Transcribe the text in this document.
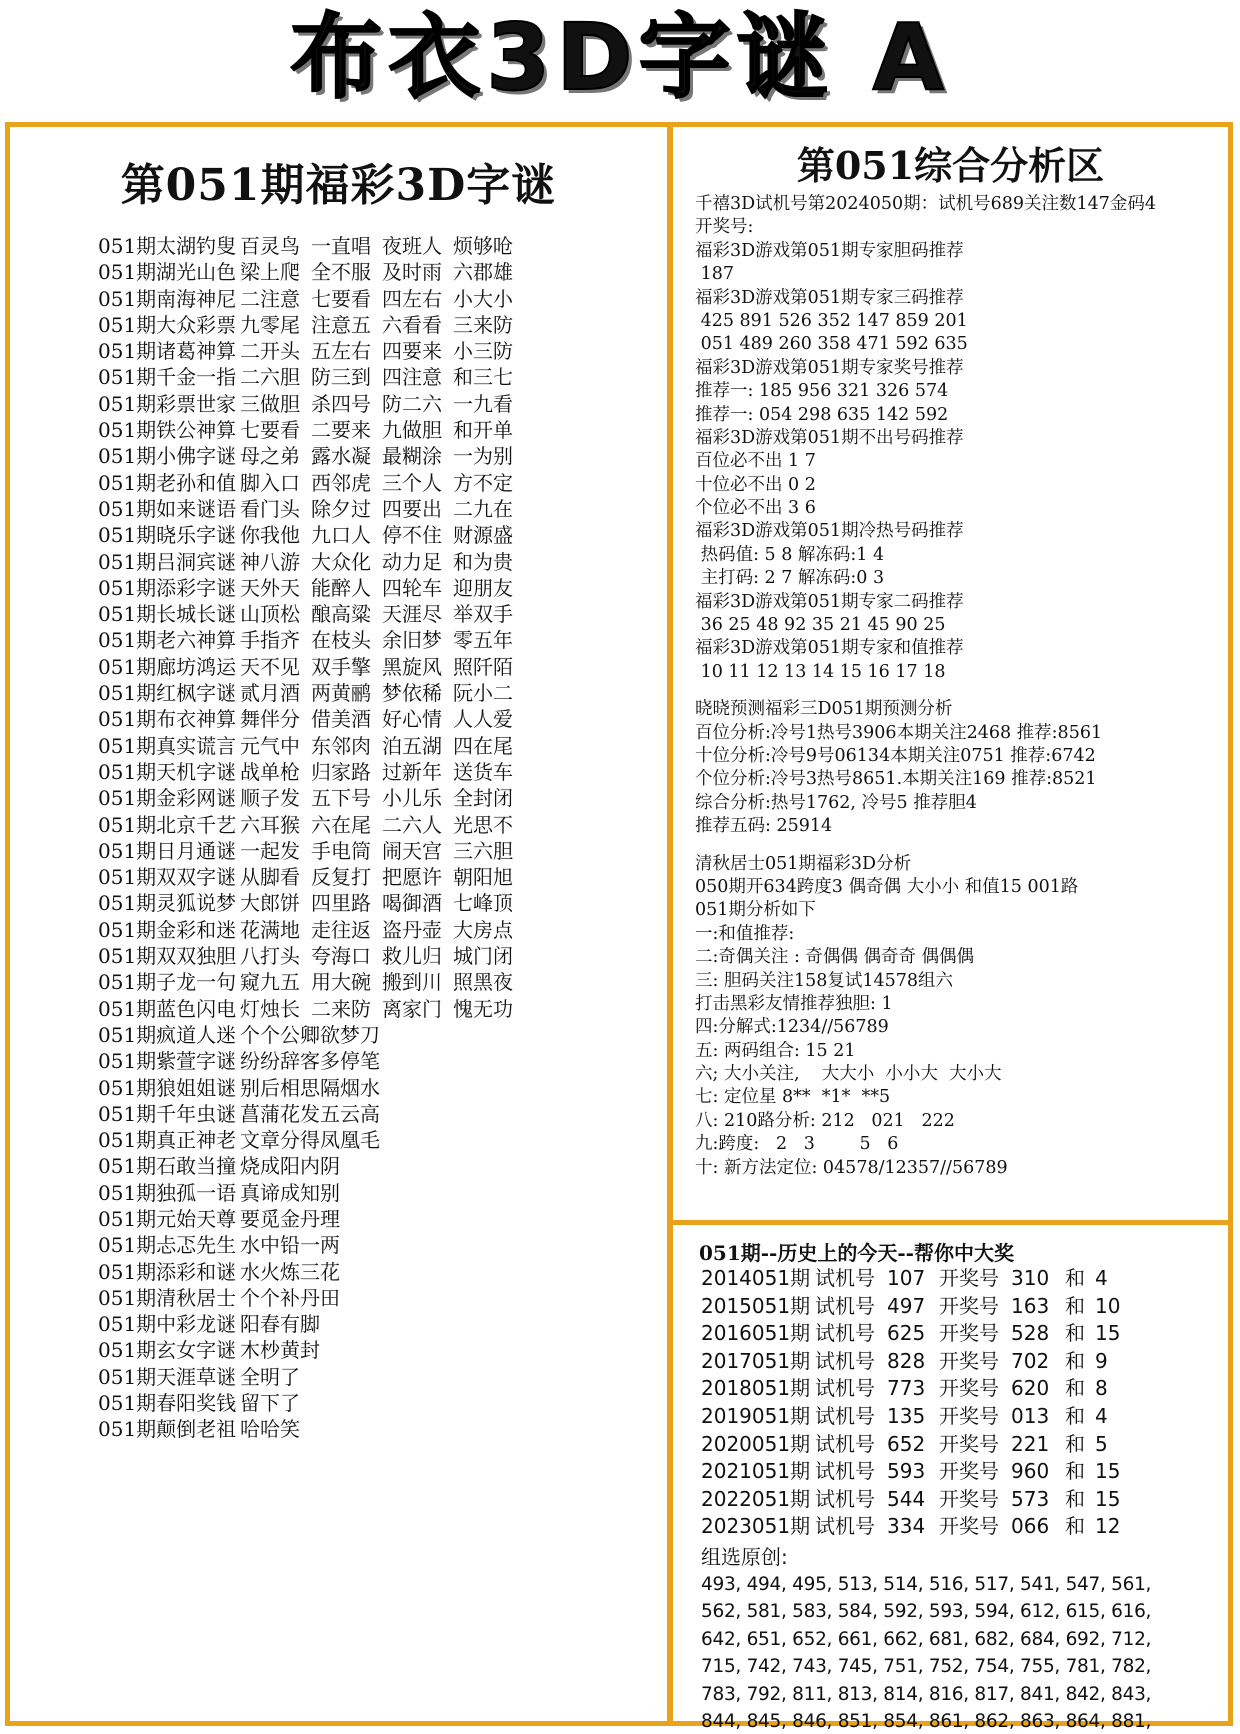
布衣3D字谜 A
第051期福彩3D字谜
051期太湖钓叟 百灵鸟 一直唱 夜班人 烦够呛
051期湖光山色 梁上爬 全不服 及时雨 六郡雄
051期南海神尼 二注意 七要看 四左右 小大小
051期大众彩票 九零尾 注意五 六看看 三来防
051期诸葛神算 二开头 五左右 四要来 小三防
051期千金一指 二六胆 防三到 四注意 和三七
051期彩票世家 三做胆 杀四号 防二六 一九看
051期铁公神算 七要看 二要来 九做胆 和开单
051期小佛字谜 母之弟 露水凝 最糊涂 一为别
051期老孙和值 脚入口 西邻虎 三个人 方不定
051期如来谜语 看门头 除夕过 四要出 二九在
051期晓乐字谜 你我他 九口人 停不住 财源盛
051期吕洞宾谜 神八游 大众化 动力足 和为贵
051期添彩字谜 天外天 能醉人 四轮车 迎朋友
051期长城长谜 山顶松 酿高粱 天涯尽 举双手
051期老六神算 手指齐 在枝头 余旧梦 零五年
051期廊坊鸿运 天不见 双手擎 黑旋风 照阡陌
051期红枫字谜 贰月酒 两黄鹂 梦依稀 阮小二
051期布衣神算 舞伴分 借美酒 好心情 人人爱
051期真实谎言 元气中 东邻肉 泊五湖 四在尾
051期天机字谜 战单枪 归家路 过新年 送货车
051期金彩网谜 顺子发 五下号 小儿乐 全封闭
051期北京千艺 六耳猴 六在尾 二六人 光思不
051期日月通谜 一起发 手电筒 闹天宫 三六胆
051期双双字谜 从脚看 反复打 把愿许 朝阳旭
051期灵狐说梦 大郎饼 四里路 喝御酒 七峰顶
051期金彩和迷 花满地 走往返 盗丹壶 大房点
051期双双独胆 八打头 夸海口 救儿归 城门闭
051期子龙一句 窥九五 用大碗 搬到川 照黑夜
051期蓝色闪电 灯烛长 二来防 离家门 愧无功
051期疯道人迷 个个公卿欲梦刀
051期紫萱字谜 纷纷辞客多停笔
051期狼姐姐谜 别后相思隔烟水
051期千年虫谜 菖蒲花发五云高
051期真正神老 文章分得凤凰毛
051期石敢当撞 烧成阳内阴
051期独孤一语 真谛成知别
051期元始天尊 要觅金丹理
051期忐忑先生 水中铅一两
051期添彩和谜 水火炼三花
051期清秋居士 个个补丹田
051期中彩龙谜 阳春有脚
051期玄女字谜 木杪黄封
051期天涯草谜 全明了
051期春阳奖钱 留下了
051期颠倒老祖 哈哈笑
第051综合分析区
千禧3D试机号第2024050期：试机号689关注数147金码4
开奖号:
福彩3D游戏第051期专家胆码推荐
187
福彩3D游戏第051期专家三码推荐
425 891 526 352 147 859 201
051 489 260 358 471 592 635
福彩3D游戏第051期专家奖号推荐
推荐一: 185 956 321 326 574
推荐一: 054 298 635 142 592
福彩3D游戏第051期不出号码推荐
百位必不出 1 7
十位必不出 0 2
个位必不出 3 6
福彩3D游戏第051期冷热号码推荐
热码值: 5 8 解冻码:1 4
主打码: 2 7 解冻码:0 3
福彩3D游戏第051期专家二码推荐
36 25 48 92 35 21 45 90 25
福彩3D游戏第051期专家和值推荐
10 11 12 13 14 15 16 17 18
晓晓预测福彩三D051期预测分析
百位分析:冷号1热号3906本期关注2468 推荐:8561
十位分析:冷号9号06134本期关注0751 推荐:6742
个位分析:冷号3热号8651.本期关注169 推荐:8521
综合分析:热号1762, 冷号5 推荐胆4
推荐五码: 25914
清秋居士051期福彩3D分析
050期开634跨度3 偶奇偶 大小小 和值15 001路
051期分析如下
一:和值推荐:
二:奇偶关注 : 奇偶偶 偶奇奇 偶偶偶
三: 胆码关注158复试14578组六
打击黑彩友情推荐独胆: 1
四:分解式:1234//56789
五: 两码组合: 15 21
六; 大小关注,    大大小  小小大  大小大
七: 定位星 8**  *1*  **5
八: 210路分析: 212   021   222
九:跨度:   2   3        5   6
十: 新方法定位: 04578/12357//56789
051期--历史上的今天--帮你中大奖
2014051期 试机号 107 开奖号 310 和 4
2015051期 试机号 497 开奖号 163 和 10
2016051期 试机号 625 开奖号 528 和 15
2017051期 试机号 828 开奖号 702 和 9
2018051期 试机号 773 开奖号 620 和 8
2019051期 试机号 135 开奖号 013 和 4
2020051期 试机号 652 开奖号 221 和 5
2021051期 试机号 593 开奖号 960 和 15
2022051期 试机号 544 开奖号 573 和 15
2023051期 试机号 334 开奖号 066 和 12
组选原创:
493, 494, 495, 513, 514, 516, 517, 541, 547, 561,
562, 581, 583, 584, 592, 593, 594, 612, 615, 616,
642, 651, 652, 661, 662, 681, 682, 684, 692, 712,
715, 742, 743, 745, 751, 752, 754, 755, 781, 782,
783, 792, 811, 813, 814, 816, 817, 841, 842, 843,
844, 845, 846, 851, 854, 861, 862, 863, 864, 881,
